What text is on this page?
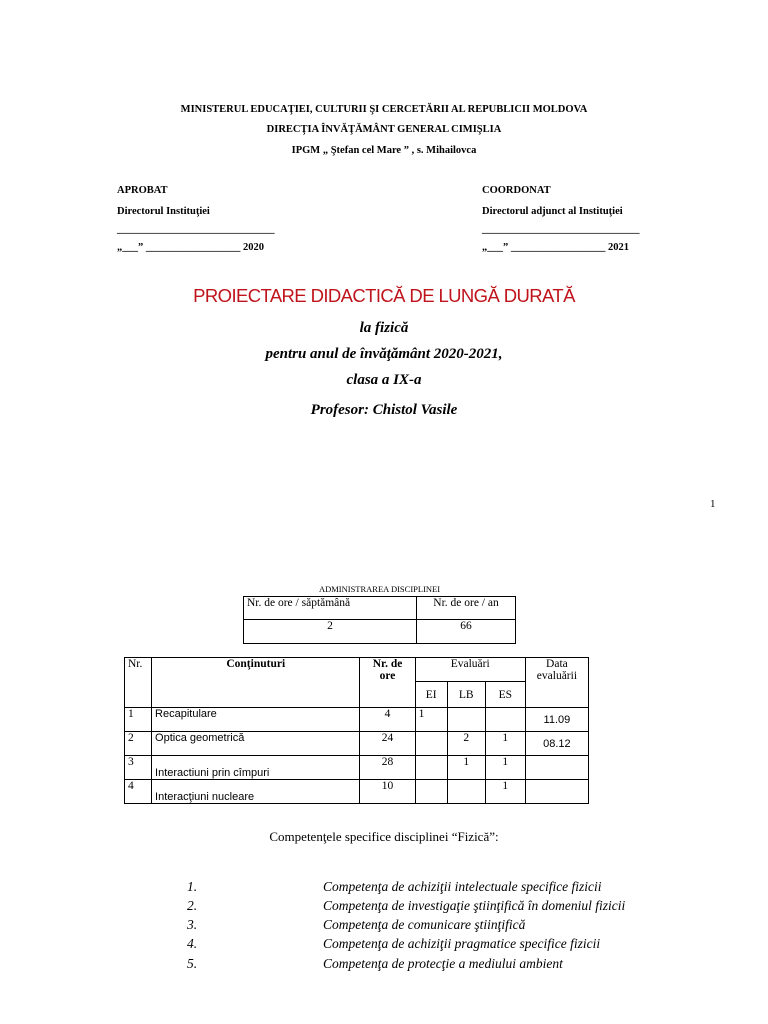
MINISTERUL EDUCAŢIEI, CULTURII ŞI CERCETĂRII AL REPUBLICII MOLDOVA
DIRECŢIA ÎNVĂŢĂMÂNT GENERAL CIMIŞLIA
IPGM „ Ştefan cel Mare ” , s. Mihailovca
APROBAT
Directorul Instituţiei
______________________________
„___” __________________ 2020
COORDONAT
Directorul adjunct al Instituţiei
______________________________
„___” __________________ 2021
PROIECTARE DIDACTICĂ DE LUNGĂ DURATĂ
la fizică
pentru anul de învăţământ 2020-2021,
clasa a IX-a
Profesor: Chistol Vasile
1
ADMINISTRAREA DISCIPLINEI
Nr. de ore / săptămână	Nr. de ore / an
2	66
Nr.	Conţinuturi	Nr. de ore	Evaluări			Data evaluării
			EI	LB	ES	
1	Recapitulare	4	1			11.09
2	Optica geometrică	24		2	1	08.12
3	Interactiuni prin cîmpuri	28		1	1	
4	Interacţiuni nucleare	10			1	
Competenţele specifice disciplinei “Fizică”:
1.	Competenţa de achiziţii intelectuale specifice fizicii
2.	Competenţa de investigaţie ştiinţifică în domeniul fizicii
3.	Competenţa de comunicare ştiinţifică
4.	Competenţa de achiziţii pragmatice specifice fizicii
5.	Competenţa de protecţie a mediului ambient
